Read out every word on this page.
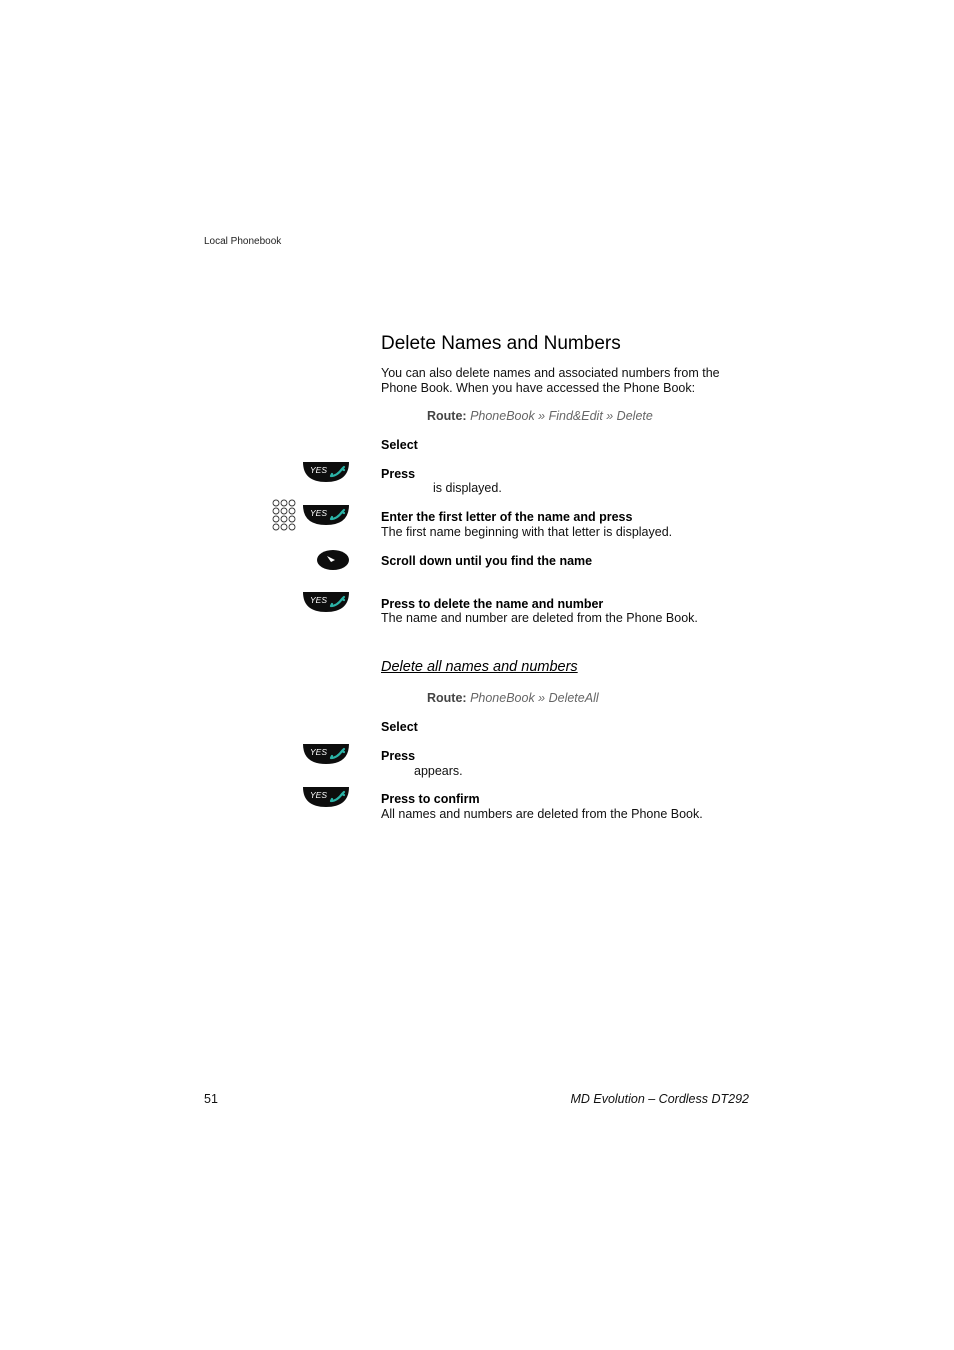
Local Phonebook
Delete Names and Numbers
You can also delete names and associated numbers from the Phone Book. When you have accessed the Phone Book:
Route: PhoneBook » Find&Edit » Delete
Select
YES	Press
is displayed.
YES	Enter the first letter of the name and press
The first name beginning with that letter is displayed.
Scroll down until you find the name
YES	Press to delete the name and number
The name and number are deleted from the Phone Book.
Delete all names and numbers
Route: PhoneBook » DeleteAll
Select
YES	Press
appears.
YES	Press to confirm
All names and numbers are deleted from the Phone Book.
51	MD Evolution – Cordless DT292
